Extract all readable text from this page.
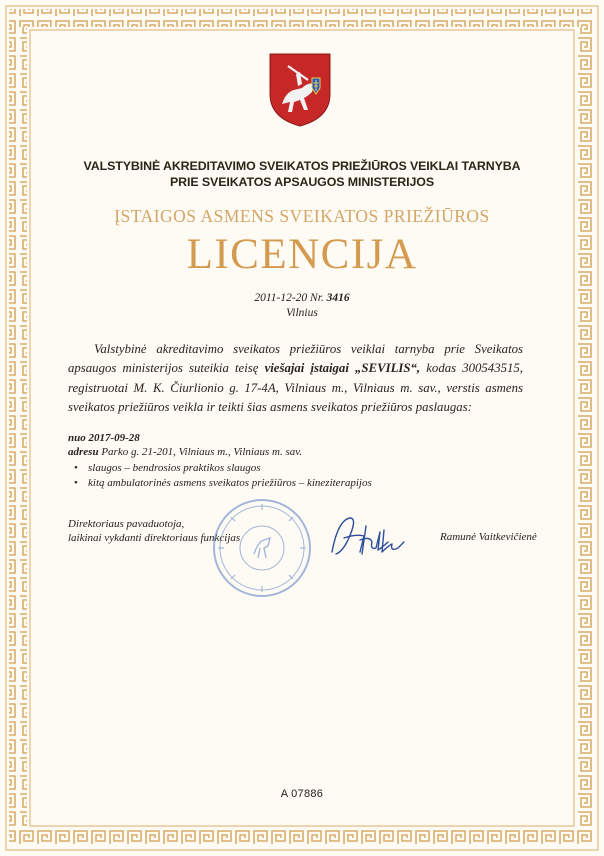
VALSTYBINĖ AKREDITAVIMO SVEIKATOS PRIEŽIŪROS VEIKLAI TARNYBA
PRIE SVEIKATOS APSAUGOS MINISTERIJOS
ĮSTAIGOS ASMENS SVEIKATOS PRIEŽIŪROS
LICENCIJA
2011-12-20 Nr. 3416
Vilnius
Valstybinė akreditavimo sveikatos priežiūros veiklai tarnyba prie Sveikatos apsaugos ministerijos suteikia teisę viešajai įstaigai „SEVILIS“, kodas 300543515, registruotai M. K. Čiurlionio g. 17-4A, Vilniaus m., Vilniaus m. sav., verstis asmens sveikatos priežiūros veikla ir teikti šias asmens sveikatos priežiūros paslaugas:
nuo 2017-09-28
adresu Parko g. 21-201, Vilniaus m., Vilniaus m. sav.
• slaugos – bendrosios praktikos slaugos
• kitą ambulatorinės asmens sveikatos priežiūros – kineziterapijos
Direktoriaus pavaduotoja,
laikinai vykdanti direktoriaus funkcijas	Ramunė Vaitkevičienė
A 07886
